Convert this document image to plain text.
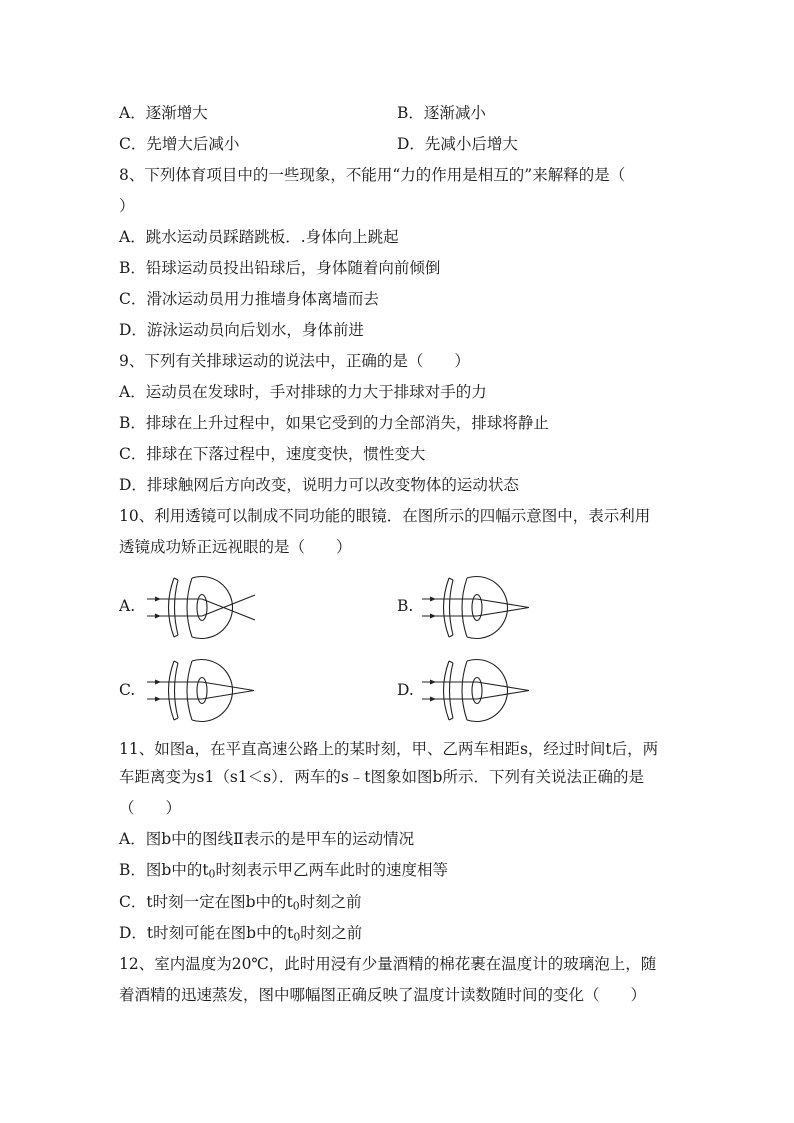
A．逐渐增大	B．逐渐减小
C．先增大后减小	D．先减小后增大
8、下列体育项目中的一些现象，不能用“力的作用是相互的”来解释的是（
）
A．跳水运动员踩踏跳板．.身体向上跳起
B．铅球运动员投出铅球后，身体随着向前倾倒
C．滑冰运动员用力推墙身体离墙而去
D．游泳运动员向后划水，身体前进
9、下列有关排球运动的说法中，正确的是（　　）
A．运动员在发球时，手对排球的力大于排球对手的力
B．排球在上升过程中，如果它受到的力全部消失，排球将静止
C．排球在下落过程中，速度变快，惯性变大
D．排球触网后方向改变，说明力可以改变物体的运动状态
10、利用透镜可以制成不同功能的眼镜．在图所示的四幅示意图中，表示利用
透镜成功矫正远视眼的是（　　）
A.	B.
C.	D.
11、如图a，在平直高速公路上的某时刻，甲、乙两车相距s，经过时间t后，两
车距离变为s1（s1＜s）．两车的s﹣t图象如图b所示．下列有关说法正确的是
（　　）
A．图b中的图线Ⅱ表示的是甲车的运动情况
B．图b中的$t_0$时刻表示甲乙两车此时的速度相等
C．t时刻一定在图b中的$t_0$时刻之前
D．t时刻可能在图b中的$t_0$时刻之前
12、室内温度为20℃，此时用浸有少量酒精的棉花裹在温度计的玻璃泡上，随
着酒精的迅速蒸发，图中哪幅图正确反映了温度计读数随时间的变化（　　）
